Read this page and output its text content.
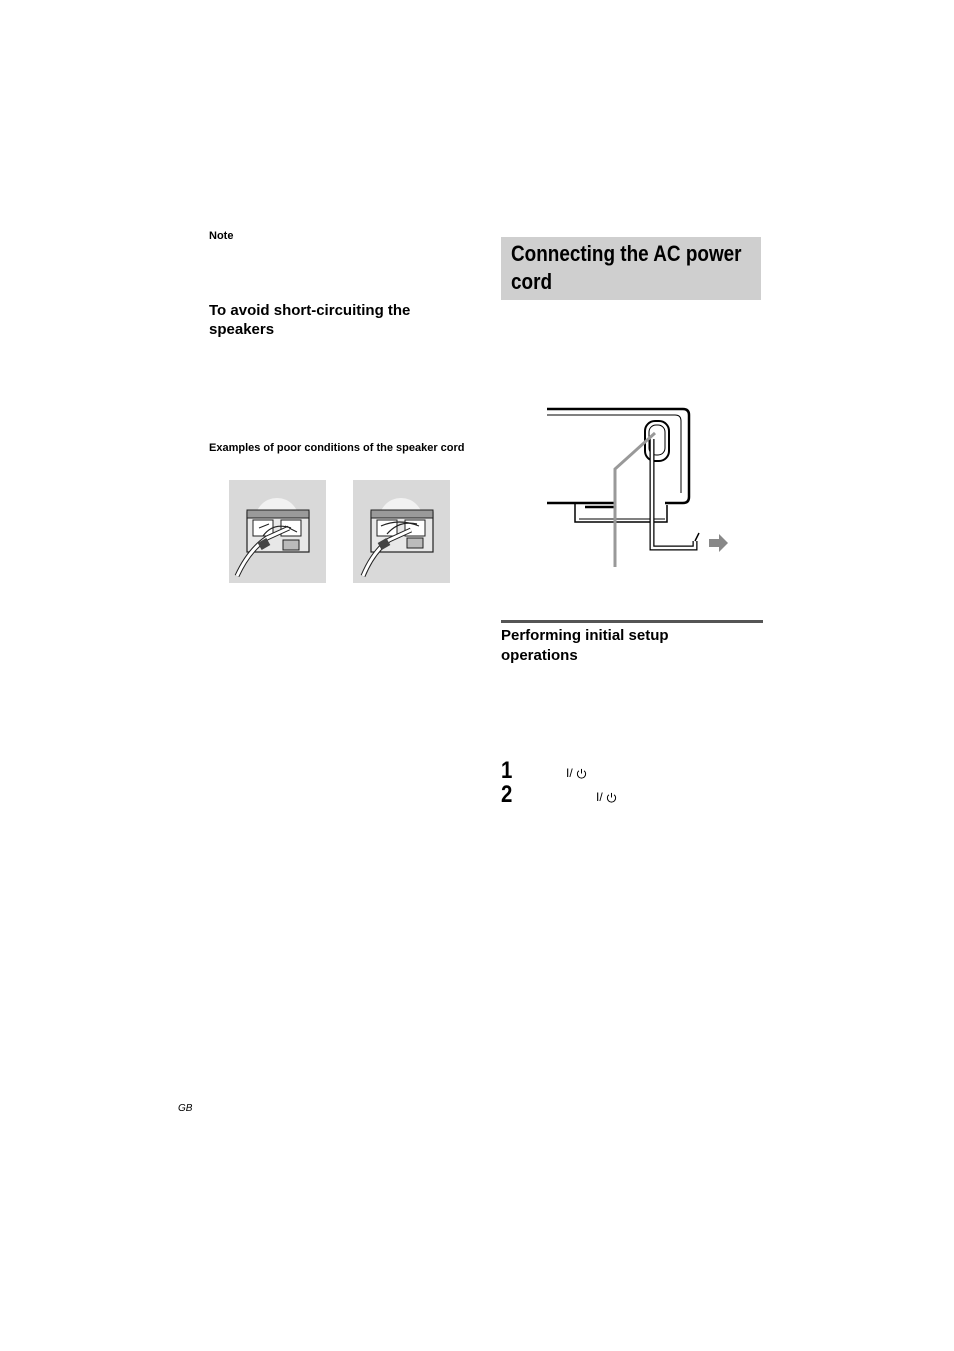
Note
To avoid short-circuiting the speakers
Examples of poor conditions of the speaker cord
Connecting the AC power cord
Performing initial setup operations
1	I/
2	I/
GB
